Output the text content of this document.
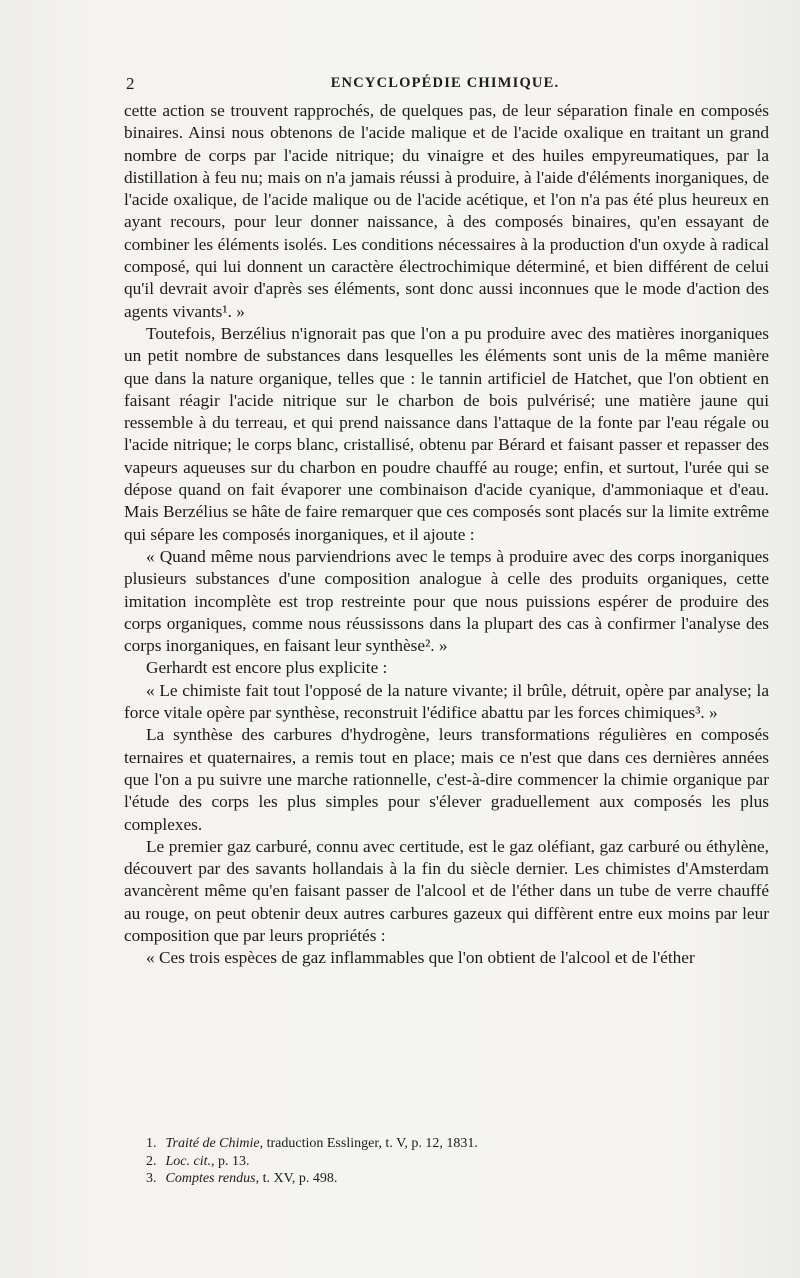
2	ENCYCLOPÉDIE CHIMIQUE.

cette action se trouvent rapprochés, de quelques pas, de leur séparation finale en composés binaires. Ainsi nous obtenons de l'acide malique et de l'acide oxalique en traitant un grand nombre de corps par l'acide nitrique; du vinaigre et des huiles empyreumatiques, par la distillation à feu nu; mais on n'a jamais réussi à produire, à l'aide d'éléments inorganiques, de l'acide oxalique, de l'acide malique ou de l'acide acétique, et l'on n'a pas été plus heureux en ayant recours, pour leur donner naissance, à des composés binaires, qu'en essayant de combiner les éléments isolés. Les conditions nécessaires à la production d'un oxyde à radical composé, qui lui donnent un caractère électrochimique déterminé, et bien différent de celui qu'il devrait avoir d'après ses éléments, sont donc aussi inconnues que le mode d'action des agents vivants¹. »

Toutefois, Berzélius n'ignorait pas que l'on a pu produire avec des matières inorganiques un petit nombre de substances dans lesquelles les éléments sont unis de la même manière que dans la nature organique, telles que : le tannin artificiel de Hatchet, que l'on obtient en faisant réagir l'acide nitrique sur le charbon de bois pulvérisé; une matière jaune qui ressemble à du terreau, et qui prend naissance dans l'attaque de la fonte par l'eau régale ou l'acide nitrique; le corps blanc, cristallisé, obtenu par Bérard et faisant passer et repasser des vapeurs aqueuses sur du charbon en poudre chauffé au rouge; enfin, et surtout, l'urée qui se dépose quand on fait évaporer une combinaison d'acide cyanique, d'ammoniaque et d'eau. Mais Berzélius se hâte de faire remarquer que ces composés sont placés sur la limite extrême qui sépare les composés inorganiques, et il ajoute :

« Quand même nous parviendrions avec le temps à produire avec des corps inorganiques plusieurs substances d'une composition analogue à celle des produits organiques, cette imitation incomplète est trop restreinte pour que nous puissions espérer de produire des corps organiques, comme nous réussissons dans la plupart des cas à confirmer l'analyse des corps inorganiques, en faisant leur synthèse². »

Gerhardt est encore plus explicite :

« Le chimiste fait tout l'opposé de la nature vivante; il brûle, détruit, opère par analyse; la force vitale opère par synthèse, reconstruit l'édifice abattu par les forces chimiques³. »

La synthèse des carbures d'hydrogène, leurs transformations régulières en composés ternaires et quaternaires, a remis tout en place; mais ce n'est que dans ces dernières années que l'on a pu suivre une marche rationnelle, c'est-à-dire commencer la chimie organique par l'étude des corps les plus simples pour s'élever graduellement aux composés les plus complexes.

Le premier gaz carburé, connu avec certitude, est le gaz oléfiant, gaz carburé ou éthylène, découvert par des savants hollandais à la fin du siècle dernier. Les chimistes d'Amsterdam avancèrent même qu'en faisant passer de l'alcool et de l'éther dans un tube de verre chauffé au rouge, on peut obtenir deux autres carbures gazeux qui diffèrent entre eux moins par leur composition que par leurs propriétés :

« Ces trois espèces de gaz inflammables que l'on obtient de l'alcool et de l'éther

1. Traité de Chimie, traduction Esslinger, t. V, p. 12, 1831.
2. Loc. cit., p. 13.
3. Comptes rendus, t. XV, p. 498.
